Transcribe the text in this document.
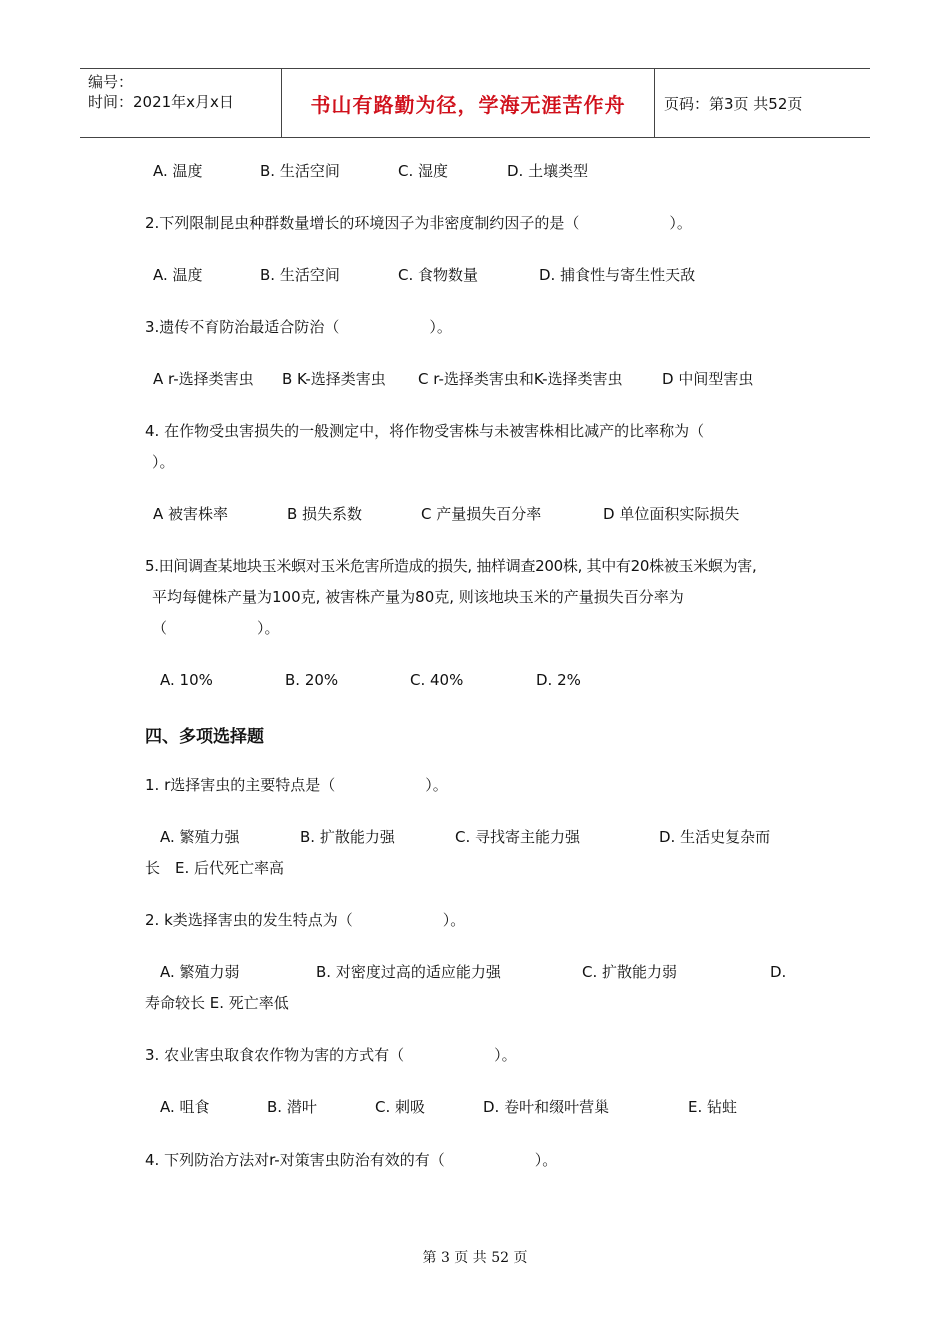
编号：
时间：2021年x月x日	书山有路勤为径，学海无涯苦作舟	页码：第3页 共52页
A. 温度	B. 生活空间	C. 湿度	D. 土壤类型
2.下列限制昆虫种群数量增长的环境因子为非密度制约因子的是（　　　　　　）。
A. 温度	B. 生活空间	C. 食物数量	D. 捕食性与寄生性天敌
3.遗传不育防治最适合防治（　　　　　　）。
A r-选择类害虫 B K-选择类害虫 C r-选择类害虫和K-选择类害虫	D 中间型害虫
4. 在作物受虫害损失的一般测定中，将作物受害株与未被害株相比减产的比率称为（
）。
A 被害株率	B 损失系数	C 产量损失百分率	D 单位面积实际损失
5.田间调查某地块玉米螟对玉米危害所造成的损失, 抽样调查200株, 其中有20株被玉米螟为害,
平均每健株产量为100克, 被害株产量为80克, 则该地块玉米的产量损失百分率为
（　　　　　　）。
A. 10%	B. 20%	C. 40%	D. 2%
四、多项选择题
1. r选择害虫的主要特点是（　　　　　　）。
A. 繁殖力强	B. 扩散能力强	C. 寻找寄主能力强	D. 生活史复杂而
长　E. 后代死亡率高
2. k类选择害虫的发生特点为（　　　　　　）。
A. 繁殖力弱	B. 对密度过高的适应能力强	C. 扩散能力弱	D.
寿命较长 E. 死亡率低
3. 农业害虫取食农作物为害的方式有（　　　　　　）。
A. 咀食	B. 潜叶	C. 刺吸	D. 卷叶和缀叶营巢	E. 钻蛀
4. 下列防治方法对r-对策害虫防治有效的有（　　　　　　）。
第 3 页 共 52 页
